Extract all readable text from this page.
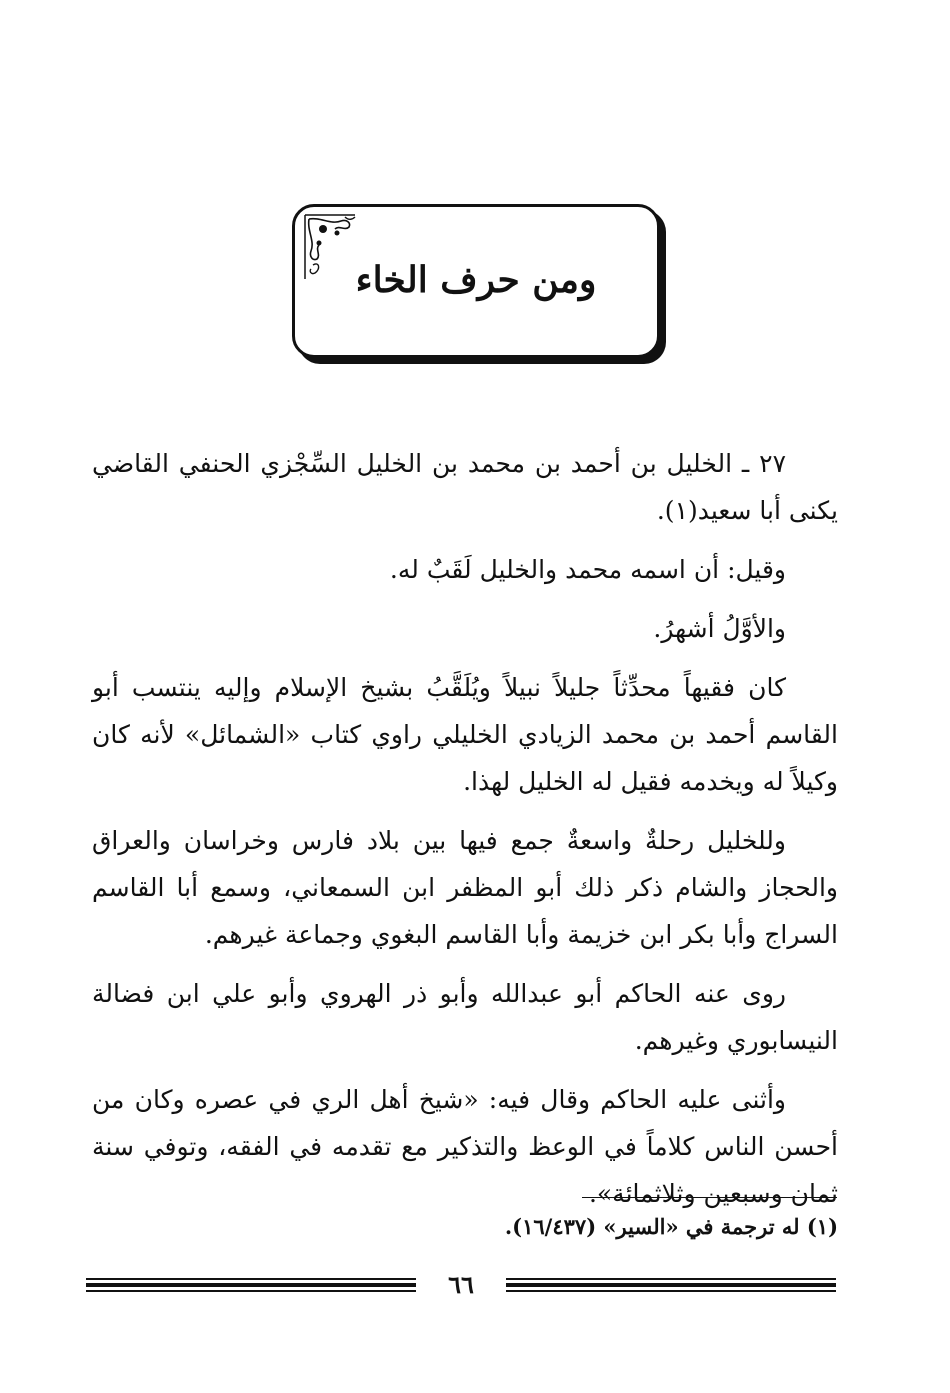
ومن حرف الخاء

٢٧ ـ الخليل بن أحمد بن محمد بن الخليل السِّجْزي الحنفي القاضي يكنى أبا سعيد(١).

وقيل: أن اسمه محمد والخليل لَقَبٌ له.

والأوَّلُ أشهرُ.

كان فقيهاً محدِّثاً جليلاً نبيلاً ويُلَقَّبُ بشيخ الإسلام وإليه ينتسب أبو القاسم أحمد بن محمد الزيادي الخليلي راوي كتاب «الشمائل» لأنه كان وكيلاً له ويخدمه فقيل له الخليل لهذا.

وللخليل رحلةٌ واسعةٌ جمع فيها بين بلاد فارس وخراسان والعراق والحجاز والشام ذكر ذلك أبو المظفر ابن السمعاني، وسمع أبا القاسم السراج وأبا بكر ابن خزيمة وأبا القاسم البغوي وجماعة غيرهم.

روى عنه الحاكم أبو عبدالله وأبو ذر الهروي وأبو علي ابن فضالة النيسابوري وغيرهم.

وأثنى عليه الحاكم وقال فيه: «شيخ أهل الري في عصره وكان من أحسن الناس كلاماً في الوعظ والتذكير مع تقدمه في الفقه، وتوفي سنة ثمان وسبعين وثلاثمائة».

(١) له ترجمة في «السير» (١٦/٤٣٧).
٦٦
